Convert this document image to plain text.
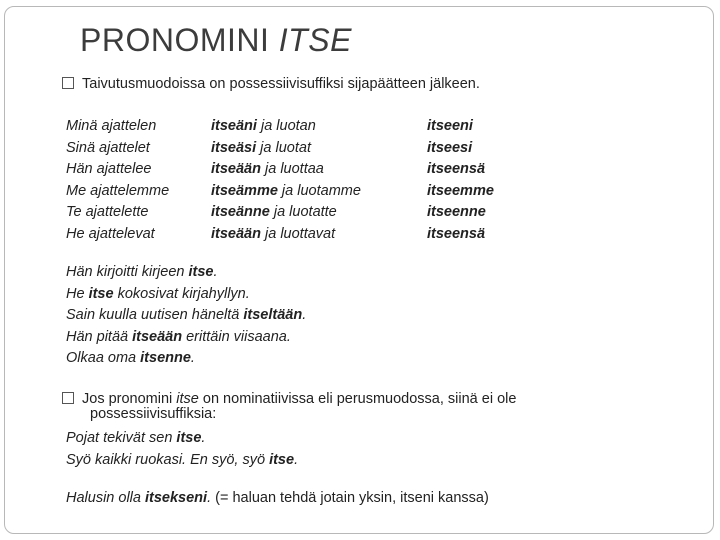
PRONOMINI ITSE
Taivutusmuodoissa on possessiivisuffiksi sijapäätteen jälkeen.
Minä ajattelen	itseäni ja luotan	itseeni
Sinä ajattelet	itseäsi ja luotat	itseesi
Hän ajattelee	itseään ja luottaa	itseensä
Me ajattelemme	itseämme ja luotamme	itseemme
Te ajattelette	itseänne ja luotatte	itseenne
He ajattelevat	itseään ja luottavat	itseensä
Hän kirjoitti kirjeen itse.
He itse kokosivat kirjahyllyn.
Sain kuulla uutisen häneltä itseltään.
Hän pitää itseään erittäin viisaana.
Olkaa oma itsenne.
Jos pronomini itse on nominatiivissa eli perusmuodossa, siinä ei ole
possessiivisuffiksia:
Pojat tekivät sen itse.
Syö kaikki ruokasi. En syö, syö itse.
Halusin olla itsekseni. (= haluan tehdä jotain yksin, itseni kanssa)
